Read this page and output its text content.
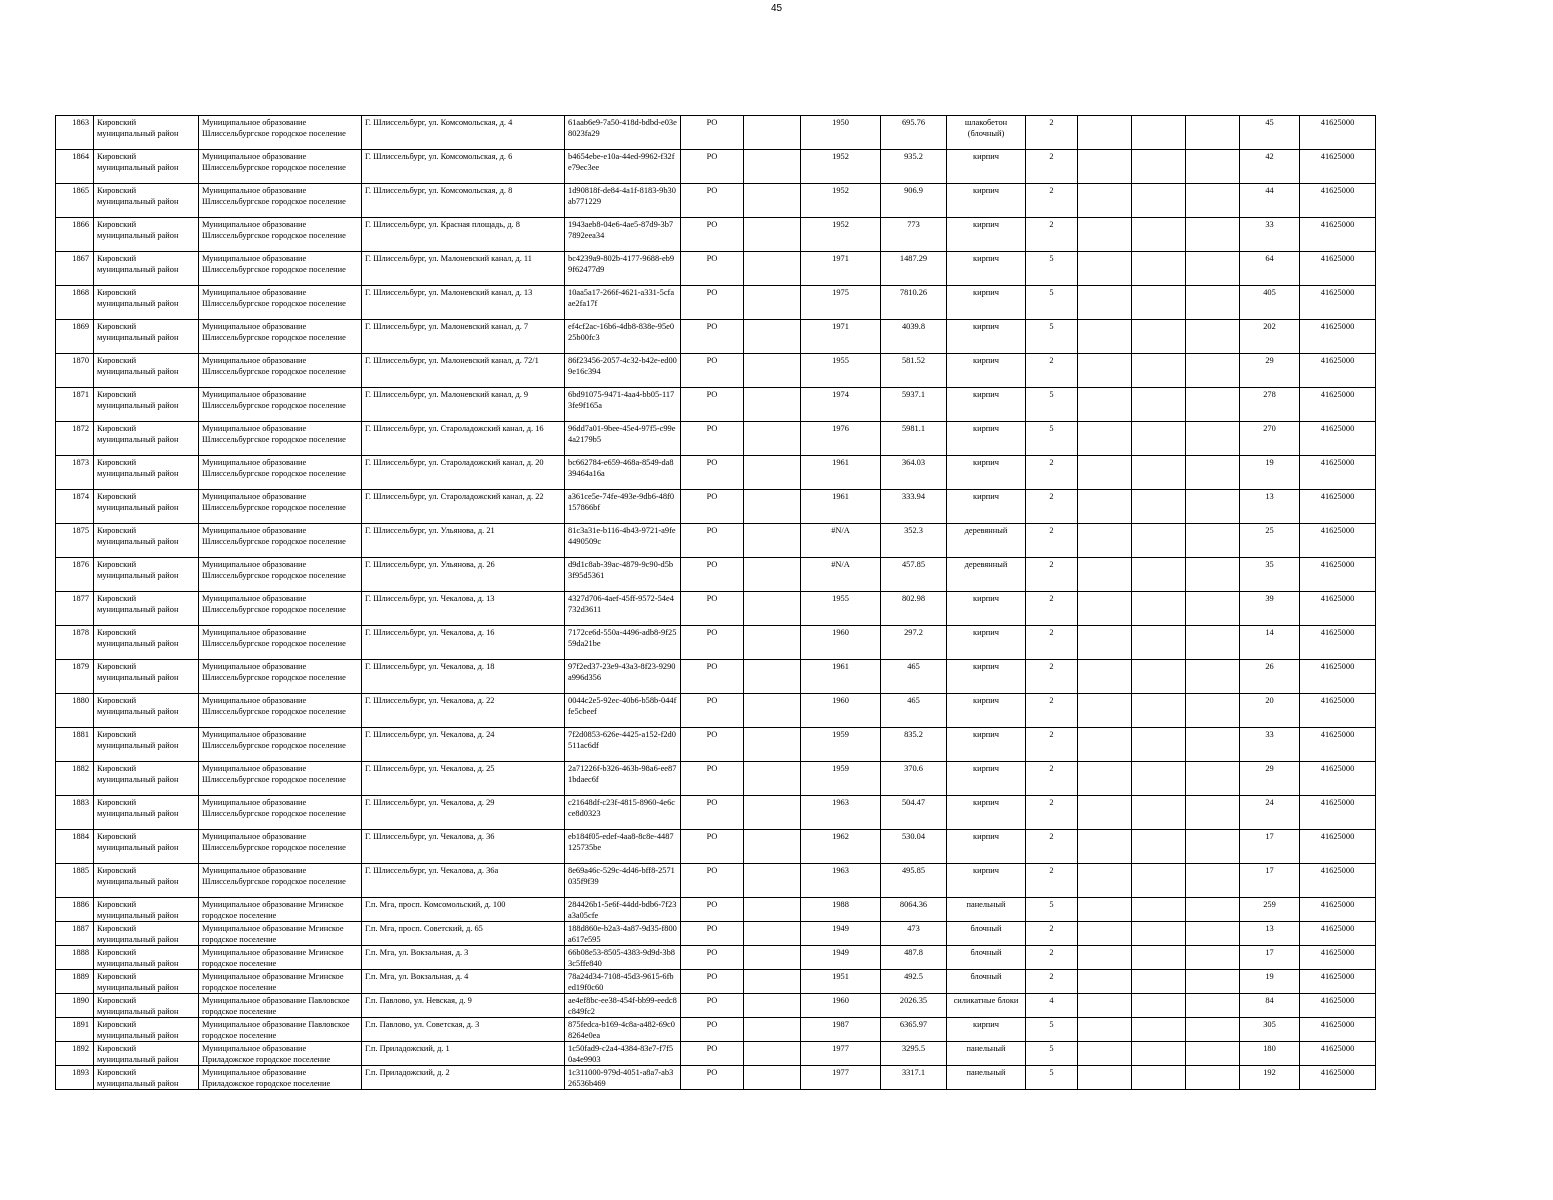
45
1863	Кировский муниципальный район	Муниципальное образование Шлиссельбургское городское поселение	Г. Шлиссельбург, ул. Комсомольская, д. 4	61aab6e9-7a50-418d-bdbd-e03e8023fa29	PO		1950	695.76	шлакобетон (блочный)	2				45	41625000
1864	Кировский муниципальный район	Муниципальное образование Шлиссельбургское городское поселение	Г. Шлиссельбург, ул. Комсомольская, д. 6	b4654ebe-e10a-44ed-9962-f32fe79ec3ee	PO		1952	935.2	кирпич	2				42	41625000
1865	Кировский муниципальный район	Муниципальное образование Шлиссельбургское городское поселение	Г. Шлиссельбург, ул. Комсомольская, д. 8	1d90818f-de84-4a1f-8183-9b30ab771229	PO		1952	906.9	кирпич	2				44	41625000
1866	Кировский муниципальный район	Муниципальное образование Шлиссельбургское городское поселение	Г. Шлиссельбург, ул. Красная площадь, д. 8	1943aeb8-04e6-4ae5-87d9-3b77892eea34	PO		1952	773	кирпич	2				33	41625000
1867	Кировский муниципальный район	Муниципальное образование Шлиссельбургское городское поселение	Г. Шлиссельбург, ул. Малоневский канал, д. 11	bc4239a9-802b-4177-9688-eb99f62477d9	PO		1971	1487.29	кирпич	5				64	41625000
1868	Кировский муниципальный район	Муниципальное образование Шлиссельбургское городское поселение	Г. Шлиссельбург, ул. Малоневский канал, д. 13	10aa5a17-266f-4621-a331-5cfaae2fa17f	PO		1975	7810.26	кирпич	5				405	41625000
1869	Кировский муниципальный район	Муниципальное образование Шлиссельбургское городское поселение	Г. Шлиссельбург, ул. Малоневский канал, д. 7	ef4cf2ac-16b6-4db8-838e-95e025b00fc3	PO		1971	4039.8	кирпич	5				202	41625000
1870	Кировский муниципальный район	Муниципальное образование Шлиссельбургское городское поселение	Г. Шлиссельбург, ул. Малоневский канал, д. 72/1	86f23456-2057-4c32-b42e-ed009e16c394	PO		1955	581.52	кирпич	2				29	41625000
1871	Кировский муниципальный район	Муниципальное образование Шлиссельбургское городское поселение	Г. Шлиссельбург, ул. Малоневский канал, д. 9	6bd91075-9471-4aa4-bb05-1173fe9f165a	PO		1974	5937.1	кирпич	5				278	41625000
1872	Кировский муниципальный район	Муниципальное образование Шлиссельбургское городское поселение	Г. Шлиссельбург, ул. Староладожский канал, д. 16	96dd7a01-9bee-45e4-97f5-c99e4a2179b5	PO		1976	5981.1	кирпич	5				270	41625000
1873	Кировский муниципальный район	Муниципальное образование Шлиссельбургское городское поселение	Г. Шлиссельбург, ул. Староладожский канал, д. 20	bc662784-e659-468a-8549-da839464a16a	PO		1961	364.03	кирпич	2				19	41625000
1874	Кировский муниципальный район	Муниципальное образование Шлиссельбургское городское поселение	Г. Шлиссельбург, ул. Староладожский канал, д. 22	a361ce5e-74fe-493e-9db6-48f0157866bf	PO		1961	333.94	кирпич	2				13	41625000
1875	Кировский муниципальный район	Муниципальное образование Шлиссельбургское городское поселение	Г. Шлиссельбург, ул. Ульянова, д. 21	81c3a31e-b116-4b43-9721-a9fe4490509c	PO		#N/A	352.3	деревянный	2				25	41625000
1876	Кировский муниципальный район	Муниципальное образование Шлиссельбургское городское поселение	Г. Шлиссельбург, ул. Ульянова, д. 26	d9d1c8ab-39ac-4879-9c90-d5b3f95d5361	PO		#N/A	457.85	деревянный	2				35	41625000
1877	Кировский муниципальный район	Муниципальное образование Шлиссельбургское городское поселение	Г. Шлиссельбург, ул. Чекалова, д. 13	4327d706-4aef-45ff-9572-54e4732d3611	PO		1955	802.98	кирпич	2				39	41625000
1878	Кировский муниципальный район	Муниципальное образование Шлиссельбургское городское поселение	Г. Шлиссельбург, ул. Чекалова, д. 16	7172ce6d-550a-4496-adb8-9f2559da21be	PO		1960	297.2	кирпич	2				14	41625000
1879	Кировский муниципальный район	Муниципальное образование Шлиссельбургское городское поселение	Г. Шлиссельбург, ул. Чекалова, д. 18	97f2ed37-23e9-43a3-8f23-9290a996d356	PO		1961	465	кирпич	2				26	41625000
1880	Кировский муниципальный район	Муниципальное образование Шлиссельбургское городское поселение	Г. Шлиссельбург, ул. Чекалова, д. 22	0044c2e5-92ec-40b6-b58b-044ffe5cbeef	PO		1960	465	кирпич	2				20	41625000
1881	Кировский муниципальный район	Муниципальное образование Шлиссельбургское городское поселение	Г. Шлиссельбург, ул. Чекалова, д. 24	7f2d0853-626e-4425-a152-f2d0511ac6df	PO		1959	835.2	кирпич	2				33	41625000
1882	Кировский муниципальный район	Муниципальное образование Шлиссельбургское городское поселение	Г. Шлиссельбург, ул. Чекалова, д. 25	2a71226f-b326-463b-98a6-ee871bdaec6f	PO		1959	370.6	кирпич	2				29	41625000
1883	Кировский муниципальный район	Муниципальное образование Шлиссельбургское городское поселение	Г. Шлиссельбург, ул. Чекалова, д. 29	c21648df-c23f-4815-8960-4e6cce8d0323	PO		1963	504.47	кирпич	2				24	41625000
1884	Кировский муниципальный район	Муниципальное образование Шлиссельбургское городское поселение	Г. Шлиссельбург, ул. Чекалова, д. 36	eb184f05-edef-4aa8-8c8e-4487125735be	PO		1962	530.04	кирпич	2				17	41625000
1885	Кировский муниципальный район	Муниципальное образование Шлиссельбургское городское поселение	Г. Шлиссельбург, ул. Чекалова, д. 36а	8e69a46c-529c-4d46-bff8-2571035f9f39	PO		1963	495.85	кирпич	2				17	41625000
1886	Кировский муниципальный район	Муниципальное образование Мгинское городское поселение	Г.п. Мга, просп. Комсомольский, д. 100	284426b1-5e6f-44dd-bdb6-7f23a3a05cfe	PO		1988	8064.36	панельный	5				259	41625000
1887	Кировский муниципальный район	Муниципальное образование Мгинское городское поселение	Г.п. Мга, просп. Советский, д. 65	188d860e-b2a3-4a87-9d35-f800a617e595	PO		1949	473	блочный	2				13	41625000
1888	Кировский муниципальный район	Муниципальное образование Мгинское городское поселение	Г.п. Мга, ул. Вокзальная, д. 3	66b08e53-8505-4383-9d9d-3b83c5ffe840	PO		1949	487.8	блочный	2				17	41625000
1889	Кировский муниципальный район	Муниципальное образование Мгинское городское поселение	Г.п. Мга, ул. Вокзальная, д. 4	78a24d34-7108-45d3-9615-6fbed19f0c60	PO		1951	492.5	блочный	2				19	41625000
1890	Кировский муниципальный район	Муниципальное образование Павловское городское поселение	Г.п. Павлово, ул. Невская, д. 9	ae4ef8bc-ee38-454f-bb99-eedc8c849fc2	PO		1960	2026.35	силикатные блоки	4				84	41625000
1891	Кировский муниципальный район	Муниципальное образование Павловское городское поселение	Г.п. Павлово, ул. Советская, д. 3	875fedca-b169-4c8a-a482-69c08264e0ea	PO		1987	6365.97	кирпич	5				305	41625000
1892	Кировский муниципальный район	Муниципальное образование Приладожское городское поселение	Г.п. Приладожский, д. 1	1c50fad9-c2a4-4384-83e7-f7f50a4e9903	PO		1977	3295.5	панельный	5				180	41625000
1893	Кировский муниципальный район	Муниципальное образование Приладожское городское поселение	Г.п. Приладожский, д. 2	1c311000-979d-4051-a8a7-ab326536b469	PO		1977	3317.1	панельный	5				192	41625000
